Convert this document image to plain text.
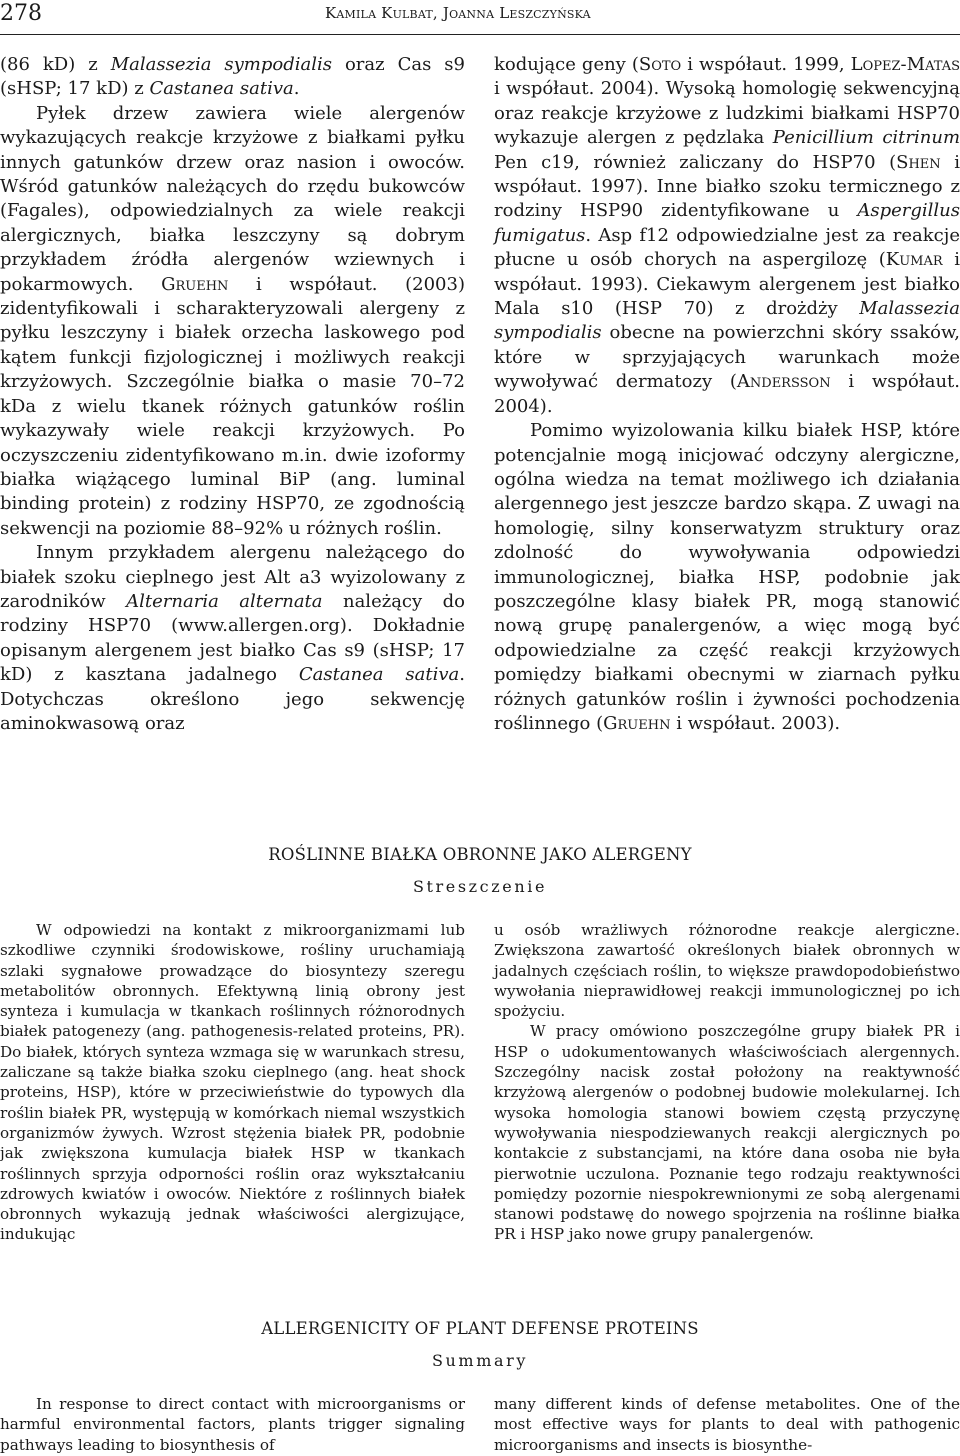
278	Kamila Kulbat, Joanna Leszczyńska

(86 kD) z Malassezia sympodialis oraz Cas s9 (sHSP; 17 kD) z Castanea sativa.

Pyłek drzew zawiera wiele alergenów wykazujących reakcje krzyżowe z białkami pyłku innych gatunków drzew oraz nasion i owoców. Wśród gatunków należących do rzędu bukowców (Fagales), odpowiedzialnych za wiele reakcji alergicznych, białka leszczyny są dobrym przykładem źródła alergenów wziewnych i pokarmowych. Gruehn i współaut. (2003) zidentyfikowali i scharakteryzowali alergeny z pyłku leszczyny i białek orzecha laskowego pod kątem funkcji fizjologicznej i możliwych reakcji krzyżowych. Szczególnie białka o masie 70–72 kDa z wielu tkanek różnych gatunków roślin wykazywały wiele reakcji krzyżowych. Po oczyszczeniu zidentyfikowano m.in. dwie izoformy białka wiążącego luminal BiP (ang. luminal binding protein) z rodziny HSP70, ze zgodnością sekwencji na poziomie 88–92% u różnych roślin.

Innym przykładem alergenu należącego do białek szoku cieplnego jest Alt a3 wyizolowany z zarodników Alternaria alternata należący do rodziny HSP70 (www.allergen.org). Dokładnie opisanym alergenem jest białko Cas s9 (sHSP; 17 kD) z kasztana jadalnego Castanea sativa. Dotychczas określono jego sekwencję aminokwasową oraz

kodujące geny (Soto i współaut. 1999, Lopez-Matas i współaut. 2004). Wysoką homologię sekwencyjną oraz reakcje krzyżowe z ludzkimi białkami HSP70 wykazuje alergen z pędzlaka Penicillium citrinum Pen c19, również zaliczany do HSP70 (Shen i współaut. 1997). Inne białko szoku termicznego z rodziny HSP90 zidentyfikowane u Aspergillus fumigatus. Asp f12 odpowiedzialne jest za reakcje płucne u osób chorych na aspergilozę (Kumar i współaut. 1993). Ciekawym alergenem jest białko Mala s10 (HSP 70) z drożdży Malassezia sympodialis obecne na powierzchni skóry ssaków, które w sprzyjających warunkach może wywoływać dermatozy (Andersson i współaut. 2004).

Pomimo wyizolowania kilku białek HSP, które potencjalnie mogą inicjować odczyny alergiczne, ogólna wiedza na temat możliwego ich działania alergennego jest jeszcze bardzo skąpa. Z uwagi na homologię, silny konserwatyzm struktury oraz zdolność do wywoływania odpowiedzi immunologicznej, białka HSP, podobnie jak poszczególne klasy białek PR, mogą stanowić nową grupę panalergenów, a więc mogą być odpowiedzialne za część reakcji krzyżowych pomiędzy białkami obecnymi w ziarnach pyłku różnych gatunków roślin i żywności pochodzenia roślinnego (Gruehn i współaut. 2003).

ROŚLINNE BIAŁKA OBRONNE JAKO ALERGENY
Streszczenie

W odpowiedzi na kontakt z mikroorganizmami lub szkodliwe czynniki środowiskowe, rośliny uruchamiają szlaki sygnałowe prowadzące do biosyntezy szeregu metabolitów obronnych. Efektywną linią obrony jest synteza i kumulacja w tkankach roślinnych różnorodnych białek patogenezy (ang. pathogenesis-related proteins, PR). Do białek, których synteza wzmaga się w warunkach stresu, zaliczane są także białka szoku cieplnego (ang. heat shock proteins, HSP), które w przeciwieństwie do typowych dla roślin białek PR, występują w komórkach niemal wszystkich organizmów żywych. Wzrost stężenia białek PR, podobnie jak zwiększona kumulacja białek HSP w tkankach roślinnych sprzyja odporności roślin oraz wykształcaniu zdrowych kwiatów i owoców. Niektóre z roślinnych białek obronnych wykazują jednak właściwości alergizujące, indukując

u osób wrażliwych różnorodne reakcje alergiczne. Zwiększona zawartość określonych białek obronnych w jadalnych częściach roślin, to większe prawdopodobieństwo wywołania nieprawidłowej reakcji immunologicznej po ich spożyciu.

W pracy omówiono poszczególne grupy białek PR i HSP o udokumentowanych właściwościach alergennych. Szczególny nacisk został położony na reaktywność krzyżową alergenów o podobnej budowie molekularnej. Ich wysoka homologia stanowi bowiem częstą przyczynę wywoływania niespodziewanych reakcji alergicznych po kontakcie z substancjami, na które dana osoba nie była pierwotnie uczulona. Poznanie tego rodzaju reaktywności pomiędzy pozornie niespokrewnionymi ze sobą alergenami stanowi podstawę do nowego spojrzenia na roślinne białka PR i HSP jako nowe grupy panalergenów.

ALLERGENICITY OF PLANT DEFENSE PROTEINS
Summary

In response to direct contact with microorganisms or harmful environmental factors, plants trigger signaling pathways leading to biosynthesis of

many different kinds of defense metabolites. One of the most effective ways for plants to deal with pathogenic microorganisms and insects is biosynthe-
